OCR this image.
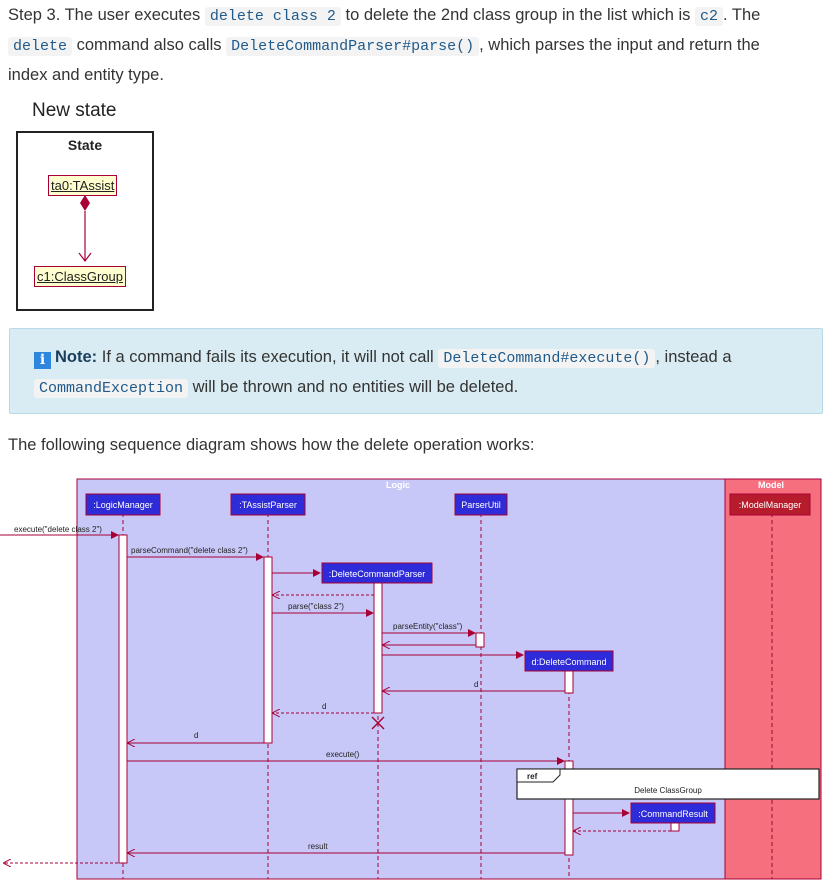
Step 3. The user executes delete class 2 to delete the 2nd class group in the list which is c2 . The
delete command also calls DeleteCommandParser#parse() , which parses the input and return the
index and entity type.
New state
State
ta0:TAssist
c1:ClassGroup
i Note: If a command fails its execution, it will not call DeleteCommand#execute() , instead a
CommandException will be thrown and no entities will be deleted.
The following sequence diagram shows how the delete operation works:
Logic	Model
:LogicManager	:TAssistParser	ParserUtil	:ModelManager
execute("delete class 2")
parseCommand("delete class 2")
:DeleteCommandParser
parse("class 2")
parseEntity("class")
d:DeleteCommand
d
d
d
execute()
ref
Delete ClassGroup
:CommandResult
result
